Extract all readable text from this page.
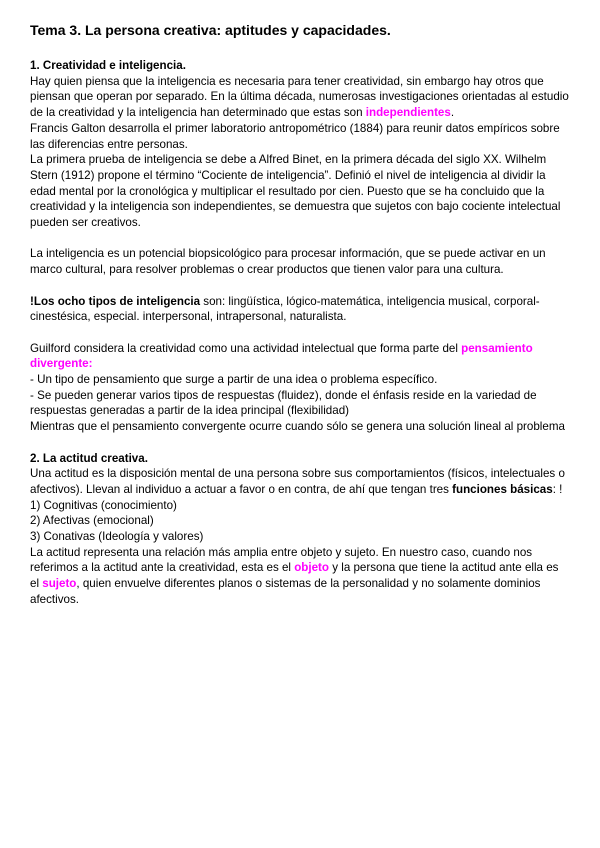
Tema 3. La persona creativa: aptitudes y capacidades.
1. Creatividad e inteligencia.
Hay quien piensa que la inteligencia es necesaria para tener creatividad, sin embargo hay otros que piensan que operan por separado. En la última década, numerosas investigaciones orientadas al estudio de la creatividad y la inteligencia han determinado que estas son independientes.
Francis Galton desarrolla el primer laboratorio antropométrico (1884) para reunir datos empíricos sobre las diferencias entre personas.
La primera prueba de inteligencia se debe a Alfred Binet, en la primera década del siglo XX. Wilhelm Stern (1912) propone el término “Cociente de inteligencia”. Definió el nivel de inteligencia al dividir la edad mental por la cronológica y multiplicar el resultado por cien. Puesto que se ha concluido que la creatividad y la inteligencia son independientes, se demuestra que sujetos con bajo cociente intelectual pueden ser creativos.
La inteligencia es un potencial biopsicológico para procesar información, que se puede activar en un marco cultural, para resolver problemas o crear productos que tienen valor para una cultura.
!Los ocho tipos de inteligencia son: lingüística, lógico-matemática, inteligencia musical, corporal-cinestésica, especial. interpersonal, intrapersonal, naturalista.
Guilford considera la creatividad como una actividad intelectual que forma parte del pensamiento divergente:
- Un tipo de pensamiento que surge a partir de una idea o problema específico.
- Se pueden generar varios tipos de respuestas (fluidez), donde el énfasis reside en la variedad de respuestas generadas a partir de la idea principal (flexibilidad)
Mientras que el pensamiento convergente ocurre cuando sólo se genera una solución lineal al problema
2. La actitud creativa.
Una actitud es la disposición mental de una persona sobre sus comportamientos (físicos, intelectuales o afectivos). Llevan al individuo a actuar a favor o en contra, de ahí que tengan tres funciones básicas: !
1) Cognitivas (conocimiento)
2) Afectivas (emocional)
3) Conativas (Ideología y valores)
La actitud representa una relación más amplia entre objeto y sujeto. En nuestro caso, cuando nos referimos a la actitud ante la creatividad, esta es el objeto y la persona que tiene la actitud ante ella es el sujeto, quien envuelve diferentes planos o sistemas de la personalidad y no solamente dominios afectivos.
